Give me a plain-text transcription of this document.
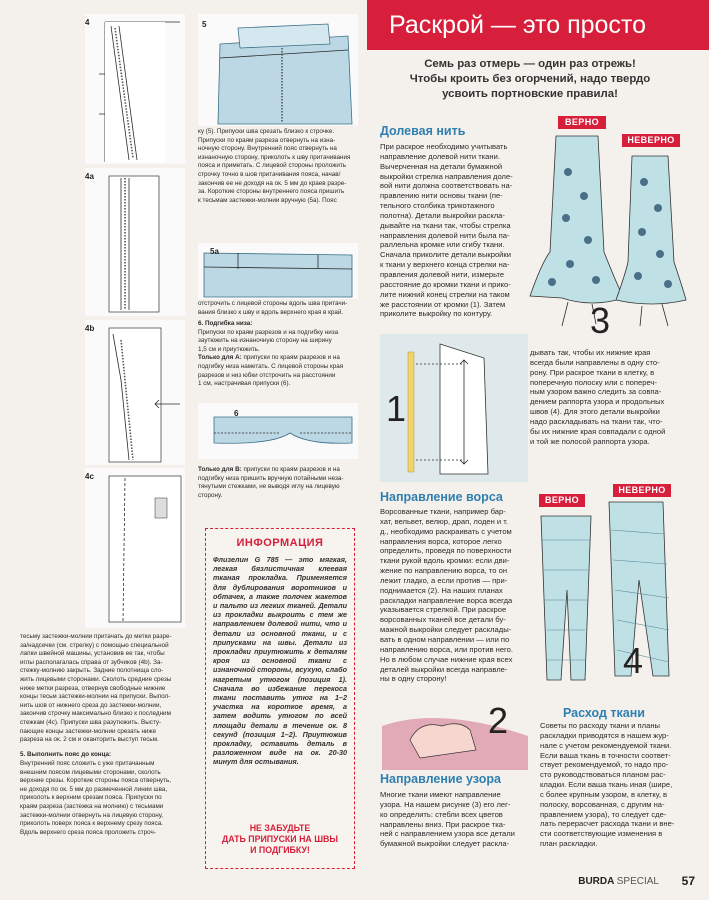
4
4a
4b
4c
5
5a
6
ку (5). Припуски шва срезать близко к строчке.
Припуски по краям разреза отвернуть на изна-
ночную сторону. Внутренний пояс отвернуть на
изнаночную сторону, приколоть к шву притачивания
пояса и приметать. С лицевой стороны проложить
строчку точно в шов притачивания пояса, начав/
закончив ее не доходя на ок. 5 мм до краев разре-
за. Короткие стороны внутреннего пояса пришить
к тесьмам застежки-молнии вручную (5а). Пояс
отстрочить с лицевой стороны вдоль шва притачи-
вания близко к шву и вдоль верхнего края в край.
6. Подгибка низа:
Припуски по краям разрезов и на подгибку низа
заутюжить на изнаночную сторону на ширину
1,5 см и приутюжить.
Только для А: припуски по краям разрезов и на
подгибку низа наметать. С лицевой стороны края
разрезов и низ юбки отстрочить на расстоянии
1 см, настрачивая припуски (6).
Только для В: припуски по краям разрезов и на
подгибку низа пришить вручную потайными неза-
тянутыми стежками, не выводя иглу на лицевую
сторону.
тесьму застежки-молнии притачать до метки разре-
за/надсечки (см. стрелку) с помощью специальной
лапки швейной машины, установив ее так, чтобы
иглы располагалась справа от зубчиков (4b). За-
стежку-молнию закрыть. Задние полотнища сло-
жить лицевыми сторонами. Сколоть средние срезы
ниже метки разреза, отвернув свободные нижние
концы тесьм застежки-молнии на припуски. Выпол-
нить шов от нижнего среза до застежки-молнии,
закончив строчку максимально близко к последним
стежкам (4c). Припуски шва разутюжить. Высту-
пающие концы застежки-молнии срезать ниже
разреза на ок. 2 см и оканторить выступ тесьм.
5. Выполнить пояс до конца:
Внутренний пояс сложить с уже притачанным
внешним поясом лицевыми сторонами, сколоть
верхние срезы. Короткие стороны пояса отвернуть,
не доходя по ок. 5 мм до размеченной линии шва,
приколоть к верхним срезам пояса. Припуски по
краям разреза (застежка на молнию) с тесьмами
застежки-молнии отвернуть на лицевую сторону,
приколоть поверх пояса к верхнему срезу пояса.
Вдоль верхнего среза пояса проложить строч-
ИНФОРМАЦИЯ
Флизелин G 785 — это мягкая, легкая бязлистичная клеевая тканая прокладка. Применяется для дублирования воротников и обтачек, а также полочек жакетов и пальто из легких тканей. Детали из прокладки выкроить с тем же направлением долевой нити, что и детали из основной ткани, и с припусками на швы. Детали из прокладки приутюжить к деталям кроя из основной ткани с изнаночной стороны, всухую, слабо нагретым утюгом (позиция 1). Сначала во избежание перекоса ткани поставить утюг на 1–2 участка на короткое время, а затем водить утюгом по всей площади детали в течение ок. 8 секунд (позиция 1–2). Приутюжив прокладку, оставить деталь в разложенном виде на ок. 20-30 минут для остывания.
НЕ ЗАБУДЬТЕ
ДАТЬ ПРИПУСКИ НА ШВЫ
И ПОДГИБКУ!
Раскрой — это просто
Семь раз отмерь — один раз отрежь!
Чтобы кроить без огорчений, надо твердо
усвоить портновские правила!
Долевая нить
При раскрое необходимо учитывать
направление долевой нити ткани.
Вычерченная на детали бумажной
выкройки стрелка направления доле-
вой нити должна соответствовать на-
правлению нити основы ткани (пе-
тельного столбика трикотажного
полотна). Детали выкройки раскла-
дывайте на ткани так, чтобы стрелка
направления долевой нити была па-
раллельна кромке или сгибу ткани.
Сначала приколите детали выкройки
к ткани у верхнего конца стрелки на-
правления долевой нити, измерьте
расстояние до кромки ткани и прико-
лите нижний конец стрелки на таком
же расстоянии от кромки (1). Затем
приколите выкройку по контуру.
Направление ворса
Ворсованные ткани, например бар-
хат, вельвет, велюр, драп, лоден и т.
д., необходимо раскраивать с учетом
направления ворса, которое легко
определить, проведя по поверхности
ткани рукой вдоль кромки: если дви-
жение по направлению ворса, то он
лежит гладко, а если против — при-
поднимается (2). На наших планах
раскладки направление ворса всегда
указывается стрелкой. При раскрое
ворсованных тканей все детали бу-
мажной выкройки следует расклады-
вать в одном направлении — или по
направлению ворса, или против него.
Но в любом случае нижние края всех
деталей выкройки всегда направле-
ны в одну сторону!
Направление узора
Многие ткани имеют направление
узора. На нашем рисунке (3) его лег-
ко определить: стебли всех цветов
направлены вниз. При раскрое тка-
ней с направлением узора все детали
бумажной выкройки следует раскла-
дывать так, чтобы их нижние края
всегда были направлены в одну сто-
рону. При раскрое ткани в клетку, в
поперечную полоску или с попереч-
ным узором важно следить за совпа-
дением раппорта узора и продольных
швов (4). Для этого детали выкройки
надо раскладывать на ткани так, что-
бы их нижние края совпадали с одной
и той же полосой раппорта узора.
Расход ткани
Советы по расходу ткани и планы
раскладки приводятся в нашем жур-
нале с учетом рекомендуемой ткани.
Если ваша ткань в точности соответ-
ствует рекомендуемой, то надо про-
сто руководствоваться планом рас-
кладки. Если ваша ткань иная (шире,
с более крупным узором, в клетку, в
полоску, ворсованная, с другим на-
правлением узора), то следует сде-
лать перерасчет расхода ткани и вне-
сти соответствующие изменения в
план раскладки.
ВЕРНО
НЕВЕРНО
3
1
2
ВЕРНО
НЕВЕРНО
4
BURDA SPECIAL 57
